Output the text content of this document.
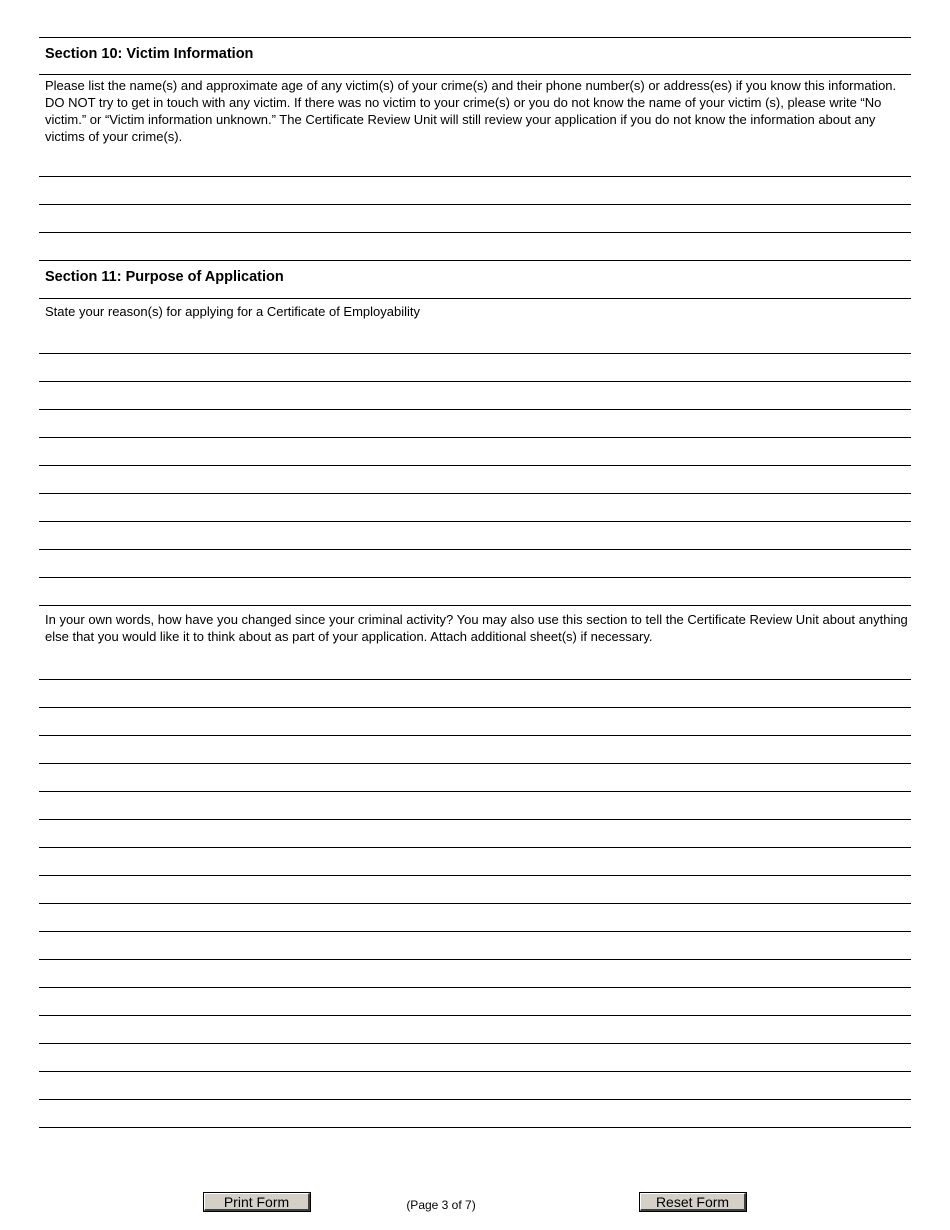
Section 10: Victim Information
Please list the name(s) and approximate age of any victim(s) of your crime(s) and their phone number(s) or address(es) if you know this information. DO NOT try to get in touch with any victim. If there was no victim to your crime(s) or you do not know the name of your victim (s), please write “No victim.” or “Victim information unknown.” The Certificate Review Unit will still review your application if you do not know the information about any victims of your crime(s).
Section 11: Purpose of Application
State your reason(s) for applying for a Certificate of Employability
In your own words, how have you changed since your criminal activity? You may also use this section to tell the Certificate Review Unit about anything else that you would like it to think about as part of your application. Attach additional sheet(s) if necessary.
Print Form	(Page 3 of 7)	Reset Form
